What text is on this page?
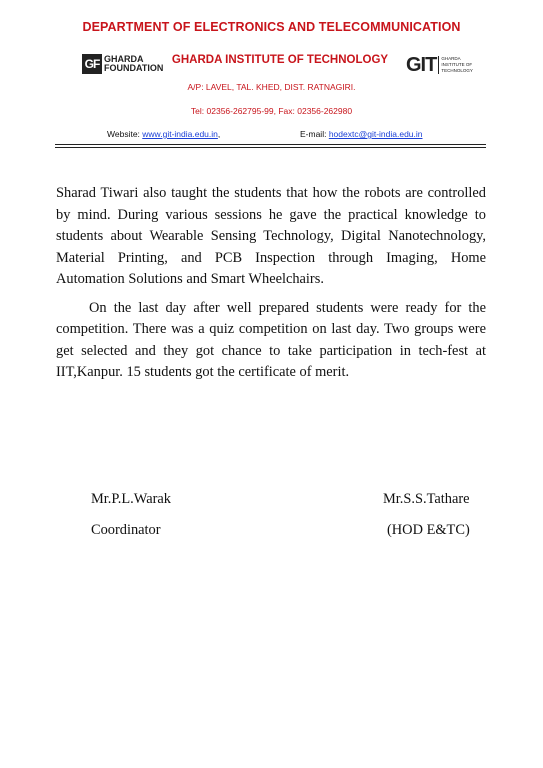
DEPARTMENT OF ELECTRONICS AND TELECOMMUNICATION
GF GHARDA
FOUNDATION
GHARDA INSTITUTE OF TECHNOLOGY GIT GHARDA
INSTITUTE OF
TECHNOLOGY
A/P: LAVEL, TAL. KHED, DIST. RATNAGIRI.
Tel: 02356-262795-99, Fax: 02356-262980
Website: www.git-india.edu.in,	E-mail: hodextc@git-india.edu.in

Sharad Tiwari also taught the students that how the robots are controlled by mind. During various sessions he gave the practical knowledge to students about Wearable Sensing Technology, Digital Nanotechnology, Material Printing, and PCB Inspection through Imaging, Home Automation Solutions and Smart Wheelchairs.

On the last day after well prepared students were ready for the competition. There was a quiz competition on last day. Two groups were get selected and they got chance to take participation in tech-fest at IIT,Kanpur. 15 students got the certificate of merit.

Mr.P.L.Warak
Coordinator
Mr.S.S.Tathare
(HOD E&TC)
